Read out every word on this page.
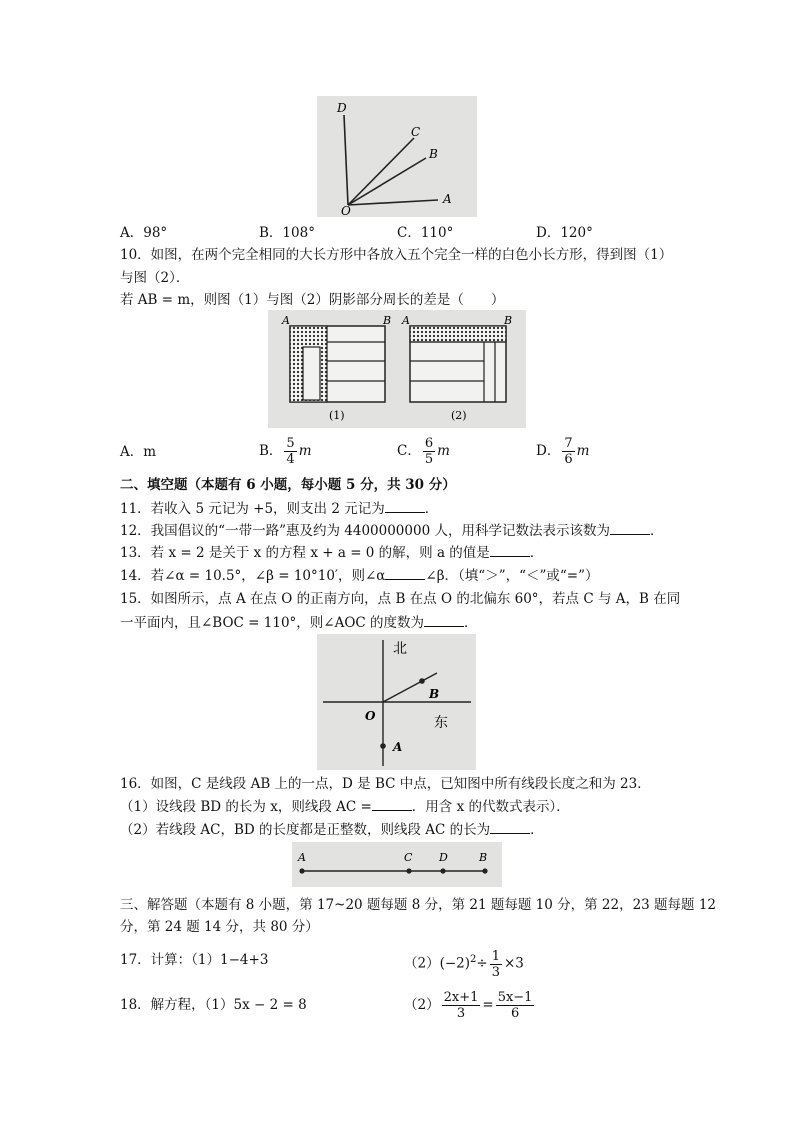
D
C
B
O
A
A．98°	B．108°	C．110°	D．120°
10．如图，在两个完全相同的大长方形中各放入五个完全一样的白色小长方形，得到图（1）
与图（2）．
若 AB = m，则图（1）与图（2）阴影部分周长的差是（　　）
A	B
(1)
A	B
(2)
A．m	B． $\frac{5}{4}$ m	C． $\frac{6}{5}$ m	D． $\frac{7}{6}$ m
二、填空题（本题有 6 小题，每小题 5 分，共 30 分）
11．若收入 5 元记为 +5，则支出 2 元记为	．
12．我国倡议的“一带一路”惠及约为 4400000000 人，用科学记数法表示该数为	．
13．若 x = 2 是关于 x 的方程 x + a = 0 的解，则 a 的值是	．
14．若∠α = 10.5°，∠β = 10°10′，则∠α	∠β．（填“＞”，“＜”或“=”）
15．如图所示，点 A 在点 O 的正南方向，点 B 在点 O 的北偏东 60°，若点 C 与 A，B 在同
一平面内，且∠BOC = 110°，则∠AOC 的度数为	．
北
东
O
B
A
16．如图，C 是线段 AB 上的一点，D 是 BC 中点，已知图中所有线段长度之和为 23．
（1）设线段 BD 的长为 x，则线段 AC =	．用含 x 的代数式表示）．
（2）若线段 AC，BD 的长度都是正整数，则线段 AC 的长为	．
A	C D	B
三、解答题（本题有 8 小题，第 17~20 题每题 8 分，第 21 题每题 10 分，第 22，23 题每题 12
分，第 24 题 14 分，共 80 分）
17．计算：（1）1−4+3	$(2)(-2)^2\div \frac{1}{3} \times 3$
18．解方程，（1）5x − 2 = 8	$(2) \frac{2x+1}{3} = \frac{5x-1}{6}$
